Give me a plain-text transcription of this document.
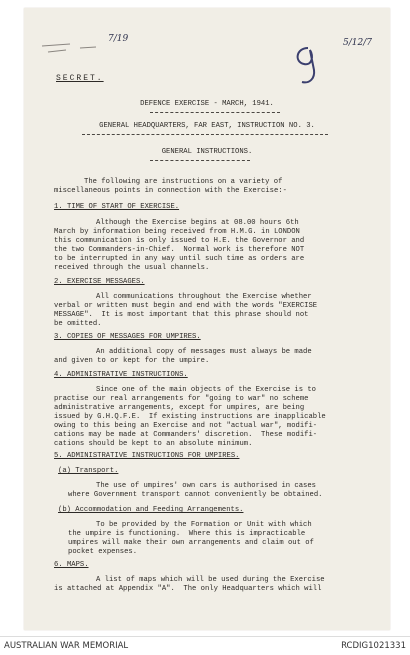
7/19	5/12/7

SECRET.

DEFENCE EXERCISE - MARCH, 1941.

GENERAL HEADQUARTERS, FAR EAST, INSTRUCTION NO. 3.

GENERAL INSTRUCTIONS.

The following are instructions on a variety of

miscellaneous points in connection with the Exercise:-

1. TIME OF START OF EXERCISE.

Although the Exercise begins at 08.00 hours 6th

March by information being received from H.M.G. in LONDON

this communication is only issued to H.E. the Governor and

the two Commanders-in-Chief.  Normal work is therefore NOT

to be interrupted in any way until such time as orders are

received through the usual channels.

2. EXERCISE MESSAGES.

All communications throughout the Exercise whether

verbal or written must begin and end with the words "EXERCISE

MESSAGE".  It is most important that this phrase should not

be omitted.

3. COPIES OF MESSAGES FOR UMPIRES.

An additional copy of messages must always be made

and given to or kept for the umpire.

4. ADMINISTRATIVE INSTRUCTIONS.

Since one of the main objects of the Exercise is to

practise our real arrangements for "going to war" no scheme

administrative arrangements, except for umpires, are being

issued by G.H.Q.F.E.  If existing instructions are inapplicable

owing to this being an Exercise and not "actual war", modifi-

cations may be made at Commanders' discretion.  These modifi-

cations should be kept to an absolute minimum.

5. ADMINISTRATIVE INSTRUCTIONS FOR UMPIRES.

(a) Transport.

The use of umpires' own cars is authorised in cases

where Government transport cannot conveniently be obtained.

(b) Accommodation and Feeding Arrangements.

To be provided by the Formation or Unit with which

the umpire is functioning.  Where this is impracticable

umpires will make their own arrangements and claim out of

pocket expenses.

6. MAPS.

A list of maps which will be used during the Exercise

is attached at Appendix "A".  The only Headquarters which will

AUSTRALIAN WAR MEMORIAL	RCDIG1021331
